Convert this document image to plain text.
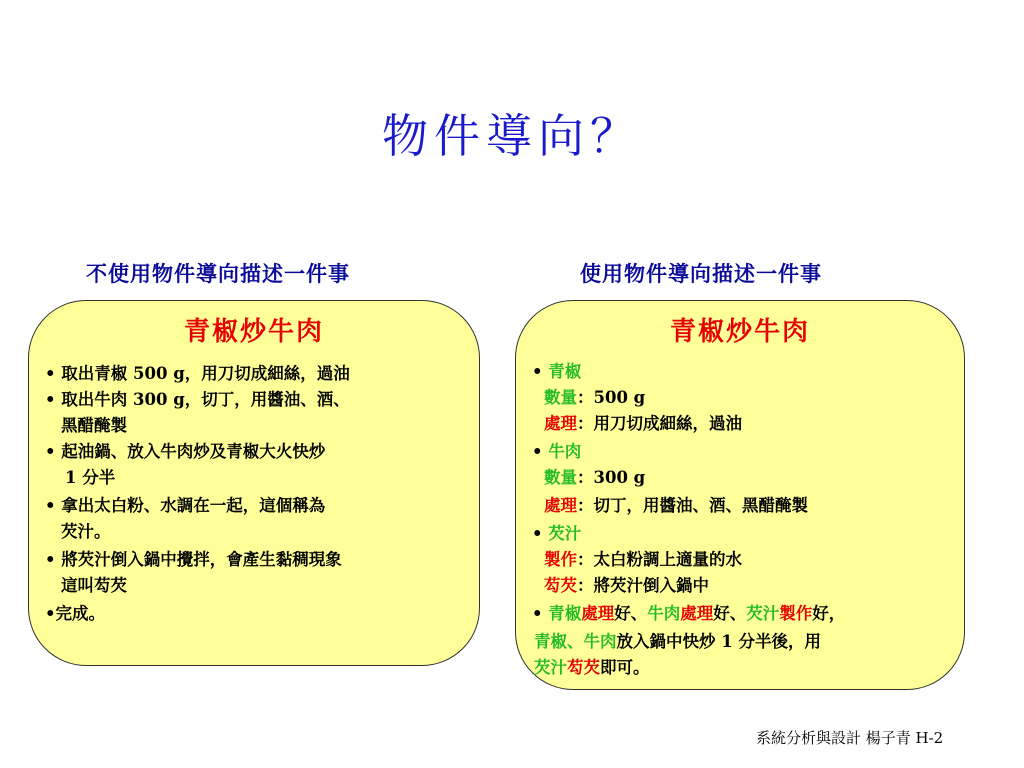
物件導向？
不使用物件導向描述一件事	使用物件導向描述一件事
青椒炒牛肉
• 取出青椒 500 g，用刀切成細絲，過油
• 取出牛肉 300 g，切丁，用醬油、酒、
黑醋醃製
• 起油鍋、放入牛肉炒及青椒大火快炒
1 分半
• 拿出太白粉、水調在一起，這個稱為
芡汁。
• 將芡汁倒入鍋中攪拌，會產生黏稠現象
這叫芶芡
•完成。
青椒炒牛肉
• 青椒
數量：500 g
處理：用刀切成細絲，過油
• 牛肉
數量：300 g
處理：切丁，用醬油、酒、黑醋醃製
• 芡汁
製作：太白粉調上適量的水
芶芡：將芡汁倒入鍋中
• 青椒處理好、牛肉處理好、芡汁製作好，
青椒、牛肉放入鍋中快炒 1 分半後，用
芡汁芶芡即可。
系統分析與設計 楊子青 H-2
